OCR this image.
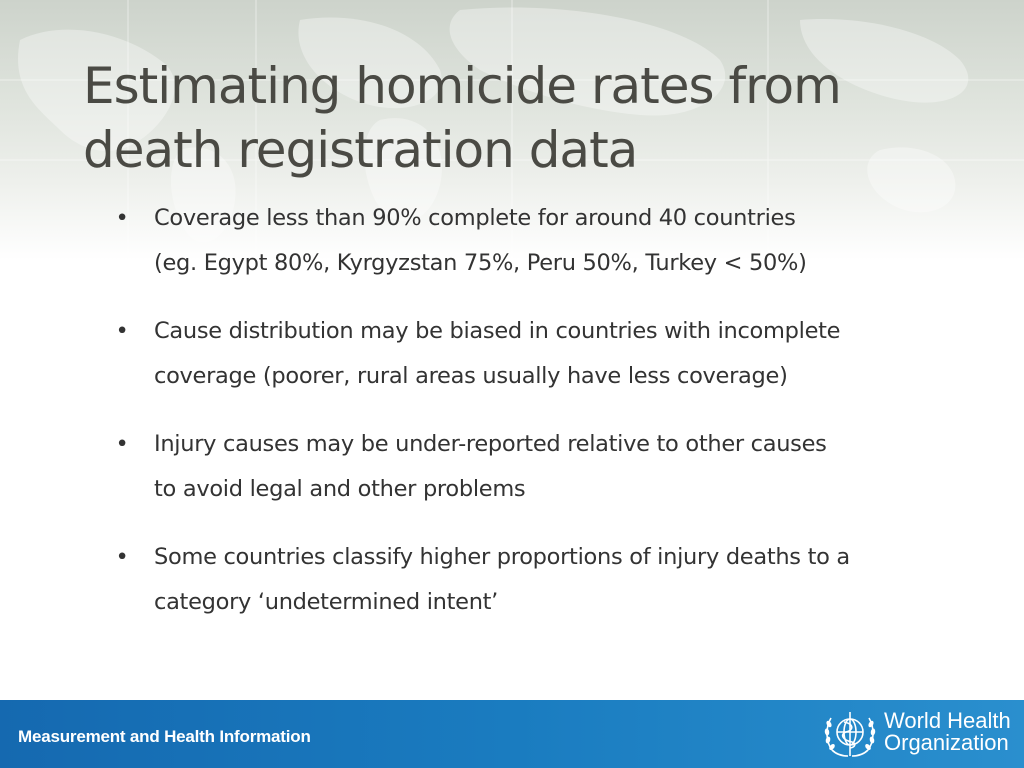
Estimating homicide rates from
death registration data
• Coverage less than 90% complete for around 40 countries
(eg. Egypt 80%, Kyrgyzstan 75%, Peru 50%, Turkey < 50%)
• Cause distribution may be biased in countries with incomplete
coverage (poorer, rural areas usually have less coverage)
• Injury causes may be under-reported relative to other causes
to avoid legal and other problems
• Some countries classify higher proportions of injury deaths to a
category ‘undetermined intent’
Measurement and Health Information
World Health
Organization
